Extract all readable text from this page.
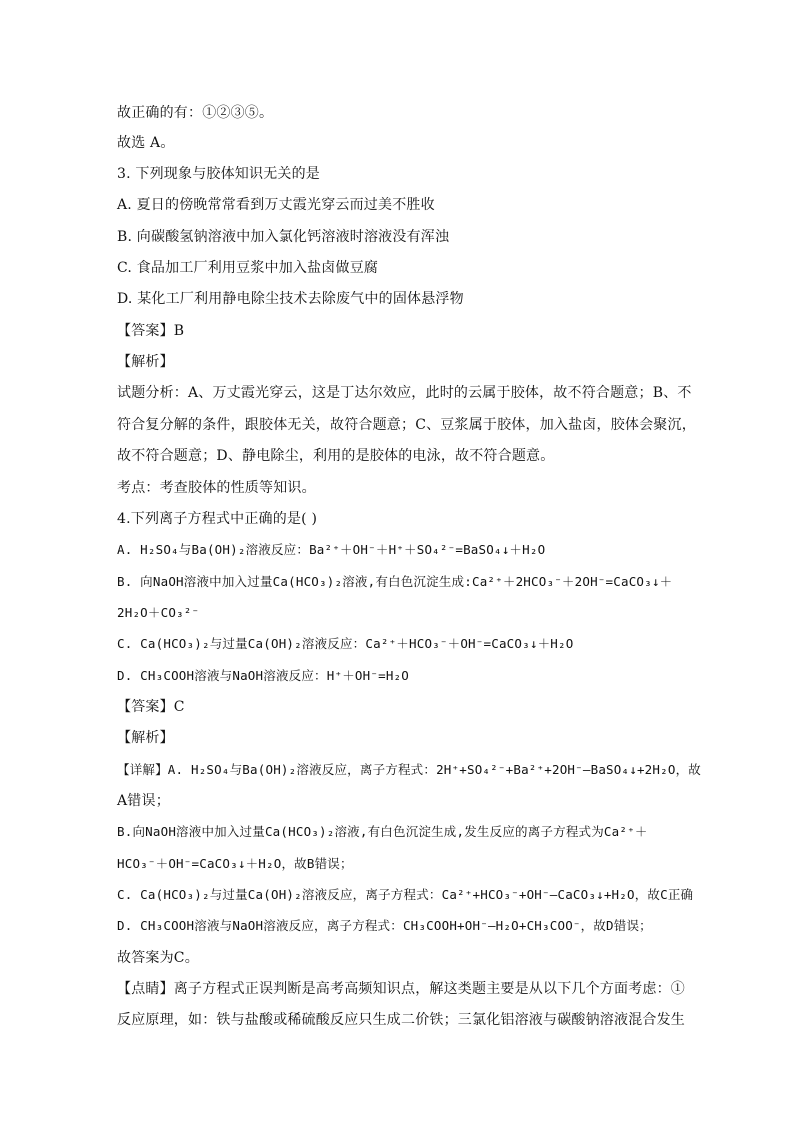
故正确的有：①②③⑤。
故选 A。
3. 下列现象与胶体知识无关的是
A. 夏日的傍晚常常看到万丈霞光穿云而过美不胜收
B. 向碳酸氢钠溶液中加入氯化钙溶液时溶液没有浑浊
C. 食品加工厂利用豆浆中加入盐卤做豆腐
D. 某化工厂利用静电除尘技术去除废气中的固体悬浮物
【答案】B
【解析】
试题分析：A、万丈霞光穿云，这是丁达尔效应，此时的云属于胶体，故不符合题意；B、不
符合复分解的条件，跟胶体无关，故符合题意；C、豆浆属于胶体，加入盐卤，胶体会聚沉，
故不符合题意；D、静电除尘，利用的是胶体的电泳，故不符合题意。
考点：考查胶体的性质等知识。
4.下列离子方程式中正确的是( )
A. H₂SO₄与Ba(OH)₂溶液反应：Ba²⁺＋OH⁻＋H⁺＋SO₄²⁻=BaSO₄↓＋H₂O
B. 向NaOH溶液中加入过量Ca(HCO₃)₂溶液,有白色沉淀生成:Ca²⁺＋2HCO₃⁻＋2OH⁻=CaCO₃↓＋
2H₂O＋CO₃²⁻
C. Ca(HCO₃)₂与过量Ca(OH)₂溶液反应：Ca²⁺＋HCO₃⁻＋OH⁻=CaCO₃↓＋H₂O
D. CH₃COOH溶液与NaOH溶液反应：H⁺＋OH⁻=H₂O
【答案】C
【解析】
【详解】A. H₂SO₄与Ba(OH)₂溶液反应，离子方程式：2H⁺+SO₄²⁻+Ba²⁺+2OH⁻—BaSO₄↓+2H₂O，故
A错误；
B.向NaOH溶液中加入过量Ca(HCO₃)₂溶液,有白色沉淀生成,发生反应的离子方程式为Ca²⁺＋
HCO₃⁻＋OH⁻=CaCO₃↓＋H₂O，故B错误；
C. Ca(HCO₃)₂与过量Ca(OH)₂溶液反应，离子方程式：Ca²⁺+HCO₃⁻+OH⁻—CaCO₃↓+H₂O，故C正确
D. CH₃COOH溶液与NaOH溶液反应，离子方程式：CH₃COOH+OH⁻—H₂O+CH₃COO⁻，故D错误；
故答案为C。
【点睛】离子方程式正误判断是高考高频知识点，解这类题主要是从以下几个方面考虑：①
反应原理，如：铁与盐酸或稀硫酸反应只生成二价铁；三氯化铝溶液与碳酸钠溶液混合发生
